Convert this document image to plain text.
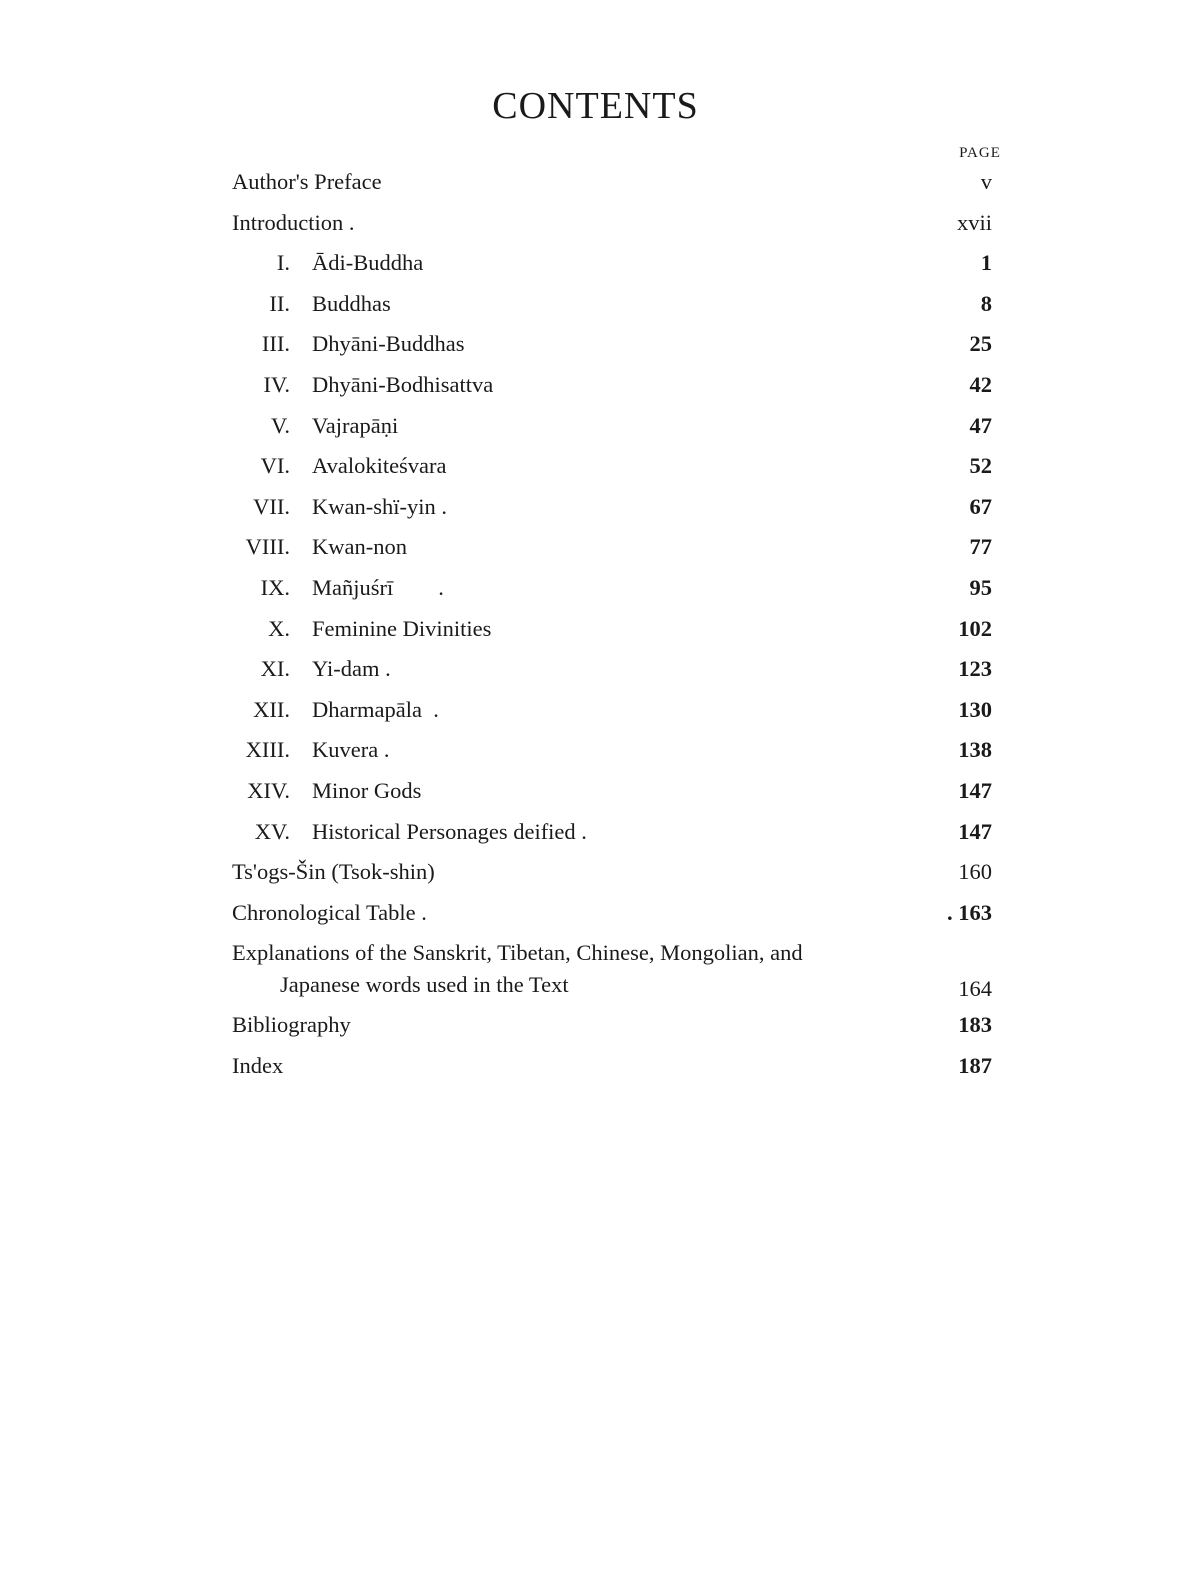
CONTENTS
PAGE
Author's Preface	v
Introduction .	xvii
I. Ādi-Buddha	1
II. Buddhas	8
III. Dhyāni-Buddhas	25
IV. Dhyāni-Bodhisattva	42
V. Vajrapāṇi	47
VI. Avalokiteśvara	52
VII. Kwan-shï-yin .	67
VIII. Kwan-non	77
IX. Mañjuśrī        .	95
X. Feminine Divinities	102
XI. Yi-dam .	123
XII. Dharmapāla  .	130
XIII. Kuvera .	138
XIV. Minor Gods	147
XV. Historical Personages deified .	147
Ts'ogs-Šin (Tsok-shin)	160
Chronological Table .	. 163
Explanations of the Sanskrit, Tibetan, Chinese, Mongolian, and
Japanese words used in the Text	164
Bibliography	183
Index	187
